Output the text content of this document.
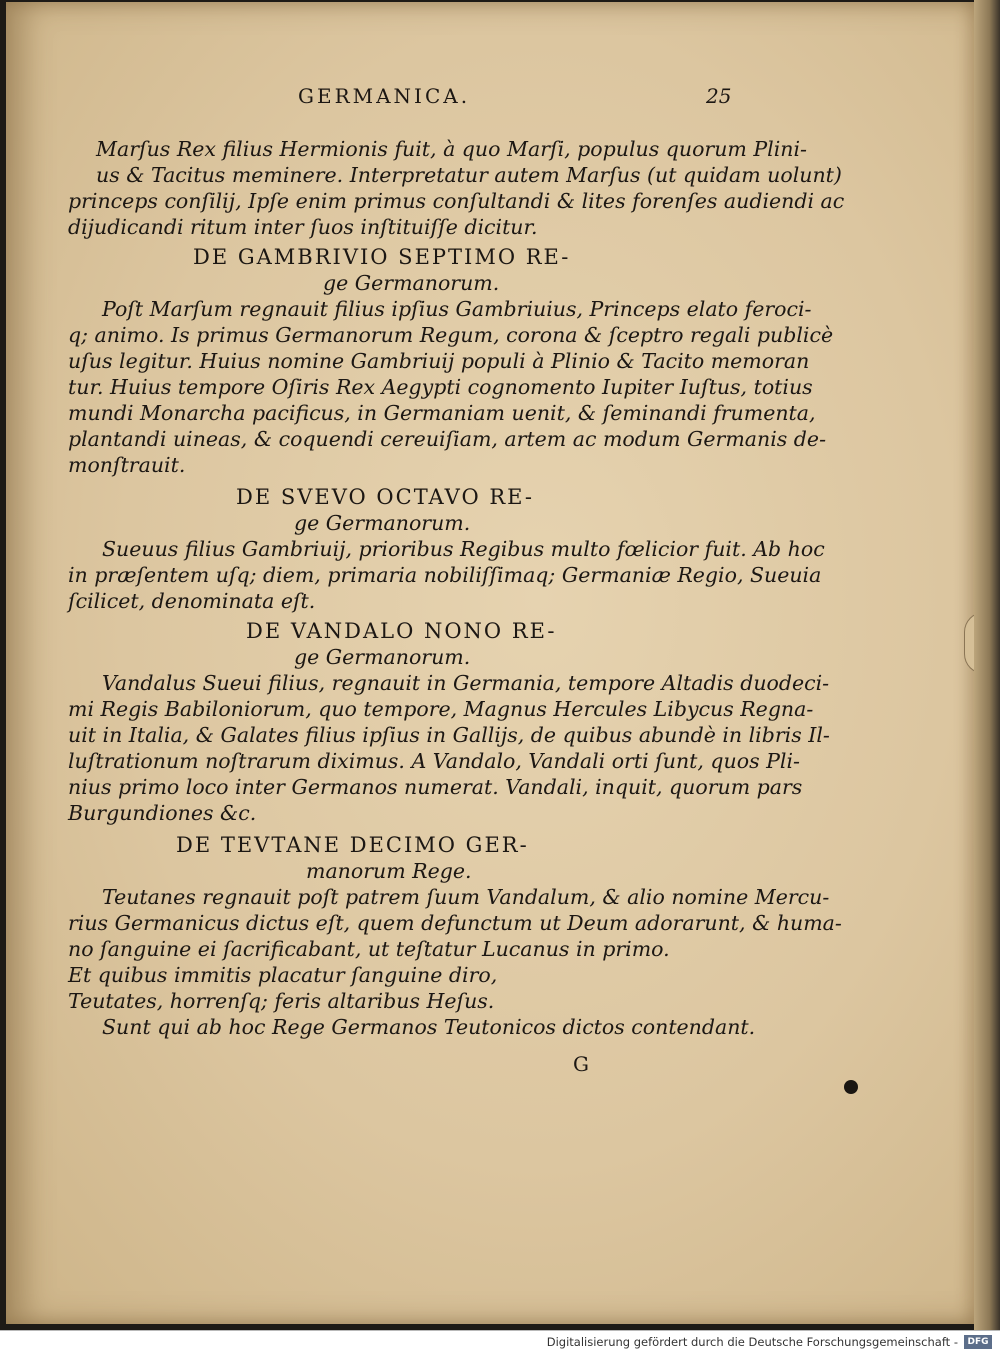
GERMANICA.	25
Marſus Rex filius Hermionis fuit, à quo Marſi, populus quorum Plini-
us & Tacitus meminere. Interpretatur autem Marſus (ut quidam uolunt)
princeps conſilij, Ipſe enim primus conſultandi & lites forenſes audiendi ac
dijudicandi ritum inter ſuos inſtituiſſe dicitur.
DE GAMBRIVIO SEPTIMO RE-
ge Germanorum.
Poſt Marſum regnauit filius ipſius Gambriuius, Princeps elato feroci-
q; animo. Is primus Germanorum Regum, corona & ſceptro regali publicè
uſus legitur. Huius nomine Gambriuij populi à Plinio & Tacito memoran
tur. Huius tempore Oſiris Rex Aegypti cognomento Iupiter Iuſtus, totius
mundi Monarcha pacificus, in Germaniam uenit, & ſeminandi frumenta,
plantandi uineas, & coquendi cereuiſiam, artem ac modum Germanis de-
monſtrauit.
DE SVEVO OCTAVO RE-
ge Germanorum.
Sueuus filius Gambriuij, prioribus Regibus multo fœlicior fuit. Ab hoc
in præſentem uſq; diem, primaria nobiliſſimaq; Germaniæ Regio, Sueuia
ſcilicet, denominata eſt.
DE VANDALO NONO RE-
ge Germanorum.
Vandalus Sueui filius, regnauit in Germania, tempore Altadis duodeci-
mi Regis Babiloniorum, quo tempore, Magnus Hercules Libycus Regna-
uit in Italia, & Galates filius ipſius in Gallijs, de quibus abundè in libris Il-
luſtrationum noſtrarum diximus. A Vandalo, Vandali orti ſunt, quos Pli-
nius primo loco inter Germanos numerat. Vandali, inquit, quorum pars
Burgundiones &c.
DE TEVTANE DECIMO GER-
manorum Rege.
Teutanes regnauit poſt patrem ſuum Vandalum, & alio nomine Mercu-
rius Germanicus dictus eſt, quem defunctum ut Deum adorarunt, & huma-
no ſanguine ei ſacrificabant, ut teſtatur Lucanus in primo.
Et quibus immitis placatur ſanguine diro,
Teutates, horrenſq; feris altaribus Heſus.
Sunt qui ab hoc Rege Germanos Teutonicos dictos contendant.
G
Digitalisierung gefördert durch die Deutsche Forschungsgemeinschaft -	DFG
